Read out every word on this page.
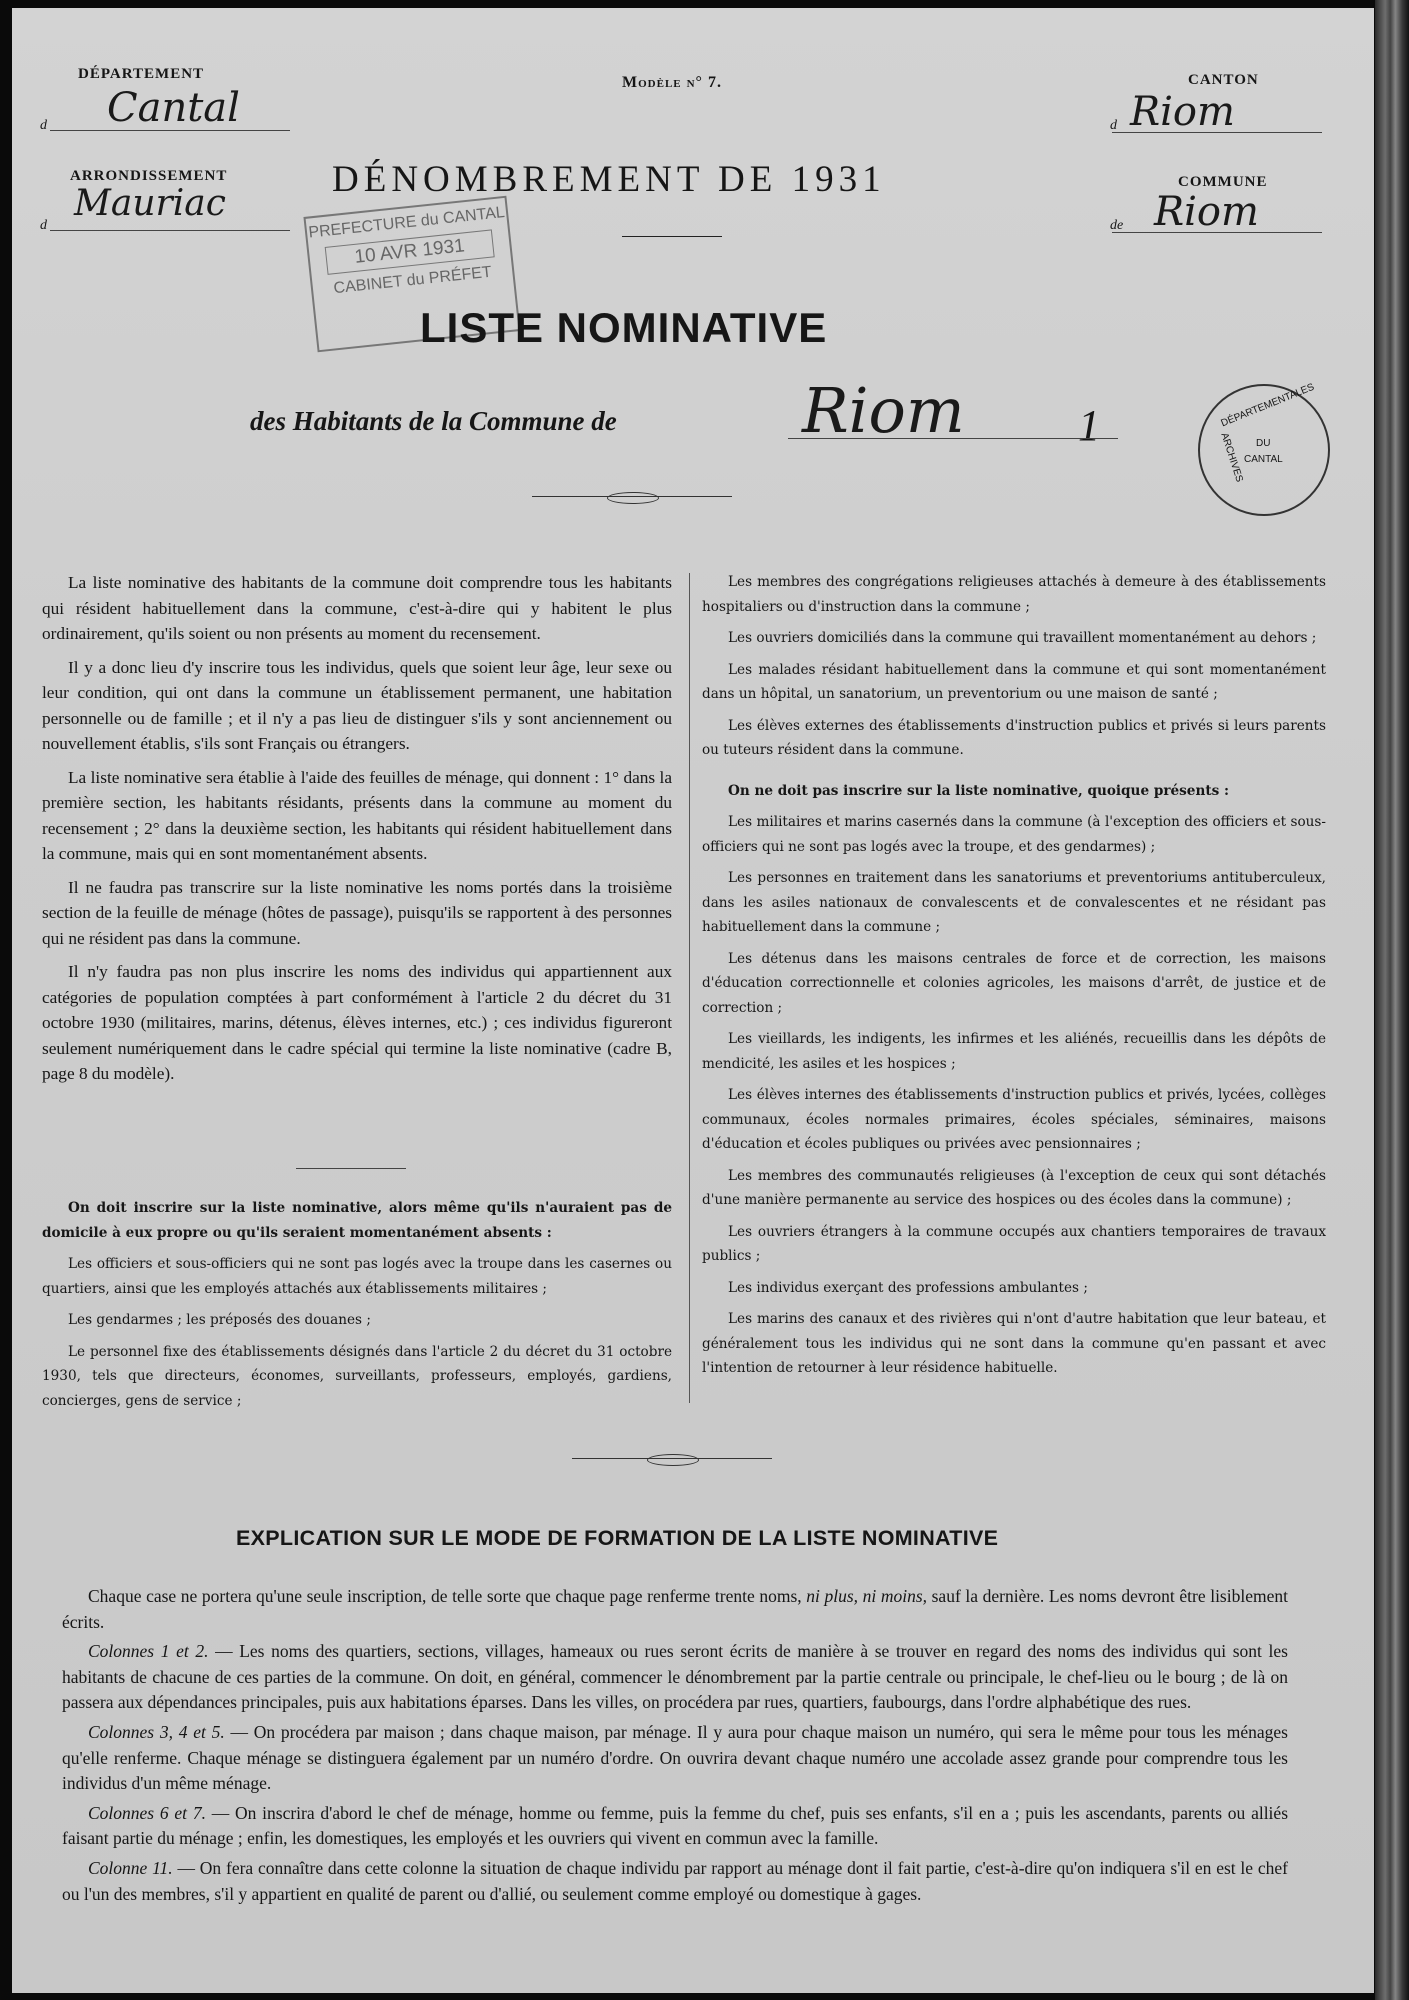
DÉPARTEMENT
d Cantal
ARRONDISSEMENT
d
Mauriac
Modèle n° 7.
DÉNOMBREMENT DE 1931
CANTON
d Riom
COMMUNE
de Riom
PREFECTURE du CANTAL
10 AVR 1931
CABINET du PRÉFET
LISTE NOMINATIVE
des Habitants de la Commune de	Riom	1	DÉPARTEMENTALES
ARCHIVES DU
CANTAL

La liste nominative des habitants de la commune doit comprendre tous les habitants qui résident habituellement dans la commune, c'est-à-dire qui y habitent le plus ordinairement, qu'ils soient ou non présents au moment du recensement.

Il y a donc lieu d'y inscrire tous les individus, quels que soient leur âge, leur sexe ou leur condition, qui ont dans la commune un établissement permanent, une habitation personnelle ou de famille ; et il n'y a pas lieu de distinguer s'ils y sont anciennement ou nouvellement établis, s'ils sont Français ou étrangers.

La liste nominative sera établie à l'aide des feuilles de ménage, qui donnent : 1° dans la première section, les habitants résidants, présents dans la commune au moment du recensement ; 2° dans la deuxième section, les habitants qui résident habituellement dans la commune, mais qui en sont momentanément absents.

Il ne faudra pas transcrire sur la liste nominative les noms portés dans la troisième section de la feuille de ménage (hôtes de passage), puisqu'ils se rapportent à des personnes qui ne résident pas dans la commune.

Il n'y faudra pas non plus inscrire les noms des individus qui appartiennent aux catégories de population comptées à part conformément à l'article 2 du décret du 31 octobre 1930 (militaires, marins, détenus, élèves internes, etc.) ; ces individus figureront seulement numériquement dans le cadre spécial qui termine la liste nominative (cadre B, page 8 du modèle).

On doit inscrire sur la liste nominative, alors même qu'ils n'auraient pas de domicile à eux propre ou qu'ils seraient momentanément absents :

Les officiers et sous-officiers qui ne sont pas logés avec la troupe dans les casernes ou quartiers, ainsi que les employés attachés aux établissements militaires ;

Les gendarmes ; les préposés des douanes ;

Le personnel fixe des établissements désignés dans l'article 2 du décret du 31 octobre 1930, tels que directeurs, économes, surveillants, professeurs, employés, gardiens, concierges, gens de service ;

Les membres des congrégations religieuses attachés à demeure à des établissements hospitaliers ou d'instruction dans la commune ;

Les ouvriers domiciliés dans la commune qui travaillent momentanément au dehors ;

Les malades résidant habituellement dans la commune et qui sont momentanément dans un hôpital, un sanatorium, un preventorium ou une maison de santé ;

Les élèves externes des établissements d'instruction publics et privés si leurs parents ou tuteurs résident dans la commune.

On ne doit pas inscrire sur la liste nominative, quoique présents :

Les militaires et marins casernés dans la commune (à l'exception des officiers et sous-officiers qui ne sont pas logés avec la troupe, et des gendarmes) ;

Les personnes en traitement dans les sanatoriums et preventoriums antituberculeux, dans les asiles nationaux de convalescents et de convalescentes et ne résidant pas habituellement dans la commune ;

Les détenus dans les maisons centrales de force et de correction, les maisons d'éducation correctionnelle et colonies agricoles, les maisons d'arrêt, de justice et de correction ;

Les vieillards, les indigents, les infirmes et les aliénés, recueillis dans les dépôts de mendicité, les asiles et les hospices ;

Les élèves internes des établissements d'instruction publics et privés, lycées, collèges communaux, écoles normales primaires, écoles spéciales, séminaires, maisons d'éducation et écoles publiques ou privées avec pensionnaires ;

Les membres des communautés religieuses (à l'exception de ceux qui sont détachés d'une manière permanente au service des hospices ou des écoles dans la commune) ;

Les ouvriers étrangers à la commune occupés aux chantiers temporaires de travaux publics ;

Les individus exerçant des professions ambulantes ;

Les marins des canaux et des rivières qui n'ont d'autre habitation que leur bateau, et généralement tous les individus qui ne sont dans la commune qu'en passant et avec l'intention de retourner à leur résidence habituelle.

EXPLICATION SUR LE MODE DE FORMATION DE LA LISTE NOMINATIVE

Chaque case ne portera qu'une seule inscription, de telle sorte que chaque page renferme trente noms, ni plus, ni moins, sauf la dernière. Les noms devront être lisiblement écrits.

Colonnes 1 et 2. — Les noms des quartiers, sections, villages, hameaux ou rues seront écrits de manière à se trouver en regard des noms des individus qui sont les habitants de chacune de ces parties de la commune. On doit, en général, commencer le dénombrement par la partie centrale ou principale, le chef-lieu ou le bourg ; de là on passera aux dépendances principales, puis aux habitations éparses. Dans les villes, on procédera par rues, quartiers, faubourgs, dans l'ordre alphabétique des rues.

Colonnes 3, 4 et 5. — On procédera par maison ; dans chaque maison, par ménage. Il y aura pour chaque maison un numéro, qui sera le même pour tous les ménages qu'elle renferme. Chaque ménage se distinguera également par un numéro d'ordre. On ouvrira devant chaque numéro une accolade assez grande pour comprendre tous les individus d'un même ménage.

Colonnes 6 et 7. — On inscrira d'abord le chef de ménage, homme ou femme, puis la femme du chef, puis ses enfants, s'il en a ; puis les ascendants, parents ou alliés faisant partie du ménage ; enfin, les domestiques, les employés et les ouvriers qui vivent en commun avec la famille.

Colonne 11. — On fera connaître dans cette colonne la situation de chaque individu par rapport au ménage dont il fait partie, c'est-à-dire qu'on indiquera s'il en est le chef ou l'un des membres, s'il y appartient en qualité de parent ou d'allié, ou seulement comme employé ou domestique à gages.
